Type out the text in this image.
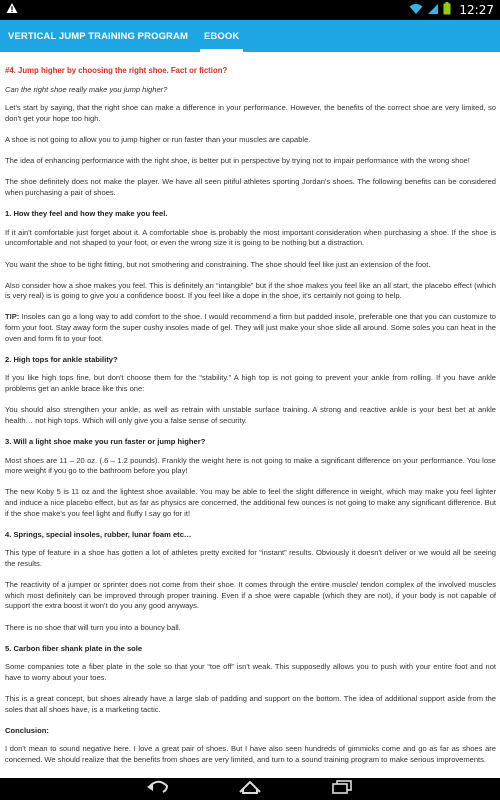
12:27
VERTICAL JUMP TRAINING PROGRAM EBOOK
#4. Jump higher by choosing the right shoe. Fact or fiction?

Can the right shoe really make you jump higher?

Let's start by saying, that the right shoe can make a difference in your performance. However, the benefits of the correct shoe are very limited, so don't get your hope too high.

A shoe is not going to allow you to jump higher or run faster than your muscles are capable.

The idea of enhancing performance with the right shoe, is better put in perspective by trying not to impair performance with the wrong shoe!

The shoe definitely does not make the player. We have all seen pitiful athletes sporting Jordan's shoes. The following benefits can be considered when purchasing a pair of shoes.

1. How they feel and how they make you feel.

If it ain't comfortable just forget about it. A comfortable shoe is probably the most important consideration when purchasing a shoe. If the shoe is uncomfortable and not shaped to your foot, or even the wrong size it is going to be nothing but a distraction.

You want the shoe to be tight fitting, but not smothering and constraining. The shoe should feel like just an extension of the foot.

Also consider how a shoe makes you feel. This is definitely an “intangible” but if the shoe makes you feel like an all start, the placebo effect (which is very real) is is going to give you a confidence boost. If you feel like a dope in the shoe, it's certainly not going to help.

TIP: Insoles can go a long way to add comfort to the shoe. I would recommend a firm but padded insole, preferable one that you can customize to form your foot. Stay away form the super cushy insoles made of gel. They will just make your shoe slide all around. Some soles you can heat in the oven and form fit to your foot.

2. High tops for ankle stability?

If you like high tops fine, but don't choose them for the “stability.” A high top is not going to prevent your ankle from rolling. If you have ankle problems get an ankle brace like this one:

You should also strengthen your ankle, as well as retrain with unstable surface training. A strong and reactive ankle is your best bet at ankle health… not high tops. Which will only give you a false sense of security.

3. Will a light shoe make you run faster or jump higher?

Most shoes are 11 – 20 oz. (.6 – 1.2 pounds). Frankly the weight here is not going to make a significant difference on your performance. You lose more weight if you go to the bathroom before you play!

The new Koby 5 is 11 oz and the lightest shoe available. You may be able to feel the slight difference in weight, which may make you feel lighter and induce a nice placebo effect, but as far as physics are concerned, the additional few ounces is not going to make any significant difference. But if the shoe make's you feel light and fluffy I say go for it!

4. Springs, special insoles, rubber, lunar foam etc…

This type of feature in a shoe has gotten a lot of athletes pretty excited for “instant” results. Obviously it doesn't deliver or we would all be seeing the results.

The reactivity of a jumper or sprinter does not come from their shoe. It comes through the entire muscle/ tendon complex of the involved muscles which most definitely can be improved through proper training. Even if a shoe were capable (which they are not), if your body is not capable of support the extra boost it won't do you any good anyways.

There is no shoe that will turn you into a bouncy ball.

5. Carbon fiber shank plate in the sole

Some companies tote a fiber plate in the sole so that your “toe off” isn't weak. This supposedly allows you to push with your entire foot and not have to worry about your toes.

This is a great concept, but shoes already have a large slab of padding and support on the bottom. The idea of additional support aside from the soles that all shoes have, is a marketing tactic.

Conclusion:

I don't mean to sound negative here. I love a great pair of shoes. But I have also seen hundreds of gimmicks come and go as far as shoes are concerned. We should realize that the benefits from shoes are very limited, and turn to a sound training program to make serious improvements.
